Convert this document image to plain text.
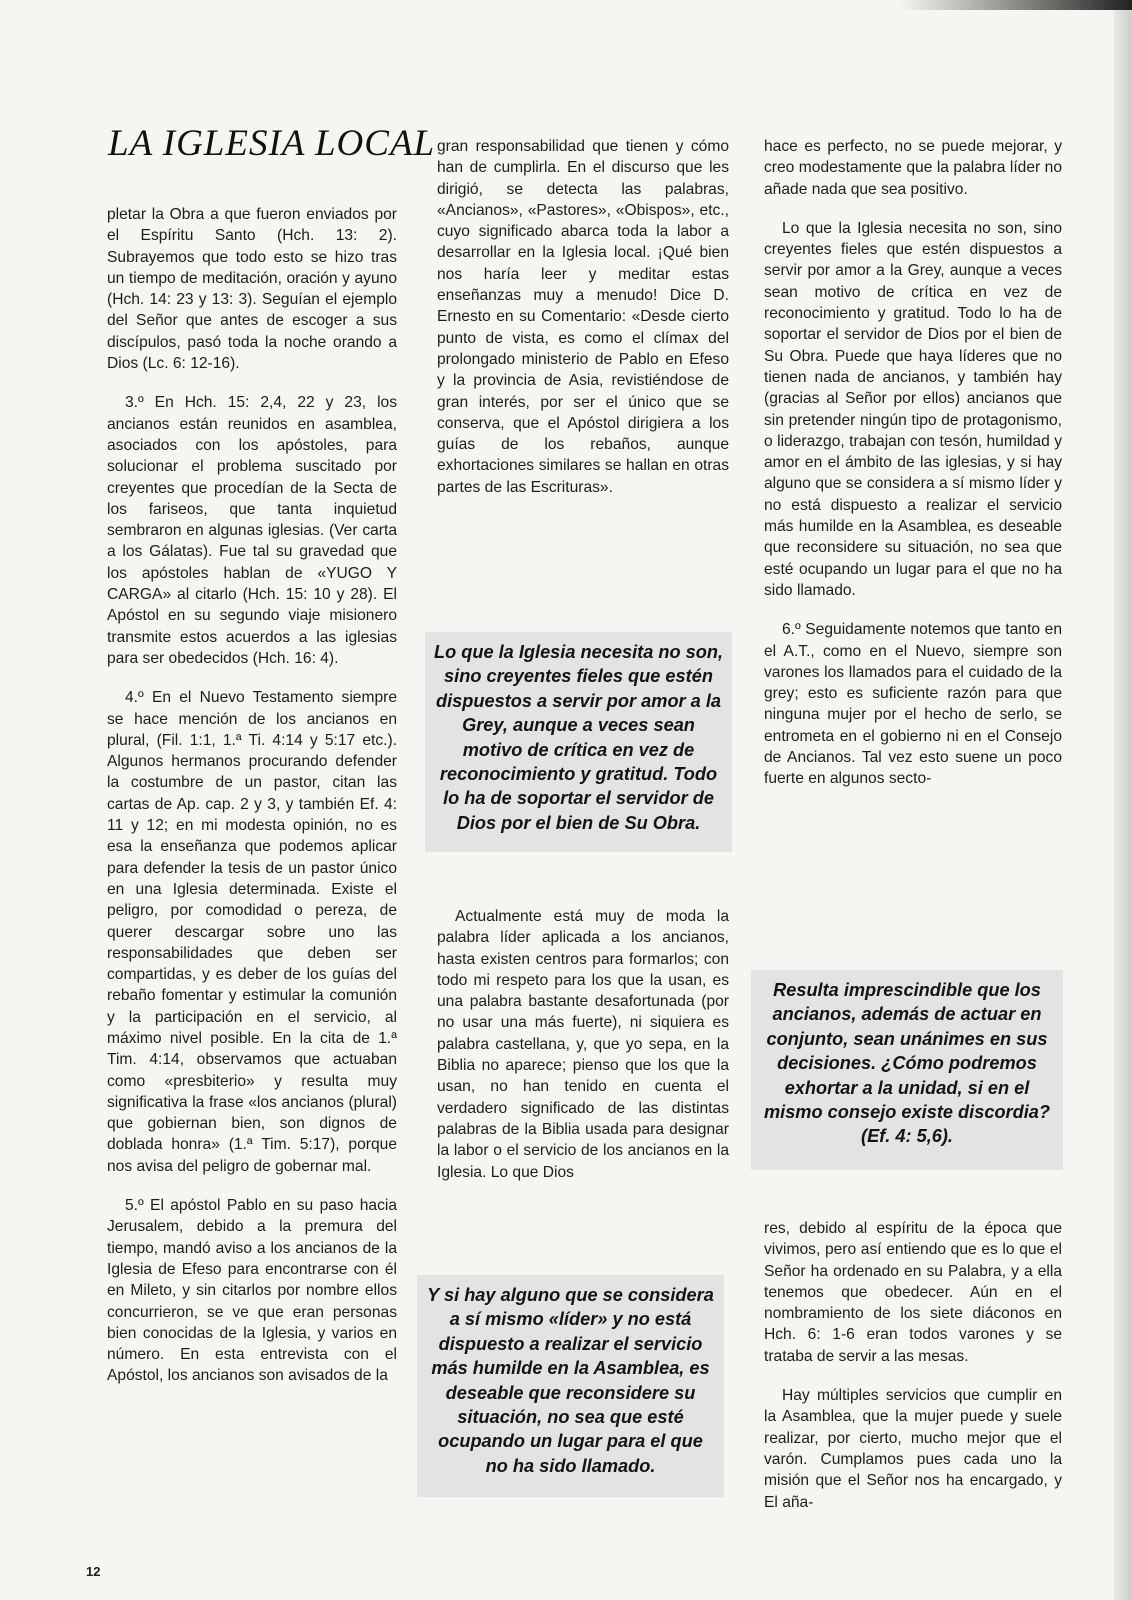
LA IGLESIA LOCAL

pletar la Obra a que fueron enviados por el Espíritu Santo (Hch. 13: 2). Subrayemos que todo esto se hizo tras un tiempo de meditación, oración y ayuno (Hch. 14: 23 y 13: 3). Seguían el ejemplo del Señor que antes de escoger a sus discípulos, pasó toda la noche orando a Dios (Lc. 6: 12-16).

3.º En Hch. 15: 2,4, 22 y 23, los ancianos están reunidos en asamblea, asociados con los apóstoles, para solucionar el problema suscitado por creyentes que procedían de la Secta de los fariseos, que tanta inquietud sembraron en algunas iglesias. (Ver carta a los Gálatas). Fue tal su gravedad que los apóstoles hablan de «YUGO Y CARGA» al citarlo (Hch. 15: 10 y 28). El Apóstol en su segundo viaje misionero transmite estos acuerdos a las iglesias para ser obedecidos (Hch. 16: 4).

4.º En el Nuevo Testamento siempre se hace mención de los ancianos en plural, (Fil. 1:1, 1.ª Ti. 4:14 y 5:17 etc.). Algunos hermanos procurando defender la costumbre de un pastor, citan las cartas de Ap. cap. 2 y 3, y también Ef. 4: 11 y 12; en mi modesta opinión, no es esa la enseñanza que podemos aplicar para defender la tesis de un pastor único en una Iglesia determinada. Existe el peligro, por comodidad o pereza, de querer descargar sobre uno las responsabilidades que deben ser compartidas, y es deber de los guías del rebaño fomentar y estimular la comunión y la participación en el servicio, al máximo nivel posible. En la cita de 1.ª Tim. 4:14, observamos que actuaban como «presbiterio» y resulta muy significativa la frase «los ancianos (plural) que gobiernan bien, son dignos de doblada honra» (1.ª Tim. 5:17), porque nos avisa del peligro de gobernar mal.

5.º El apóstol Pablo en su paso hacia Jerusalem, debido a la premura del tiempo, mandó aviso a los ancianos de la Iglesia de Efeso para encontrarse con él en Mileto, y sin citarlos por nombre ellos concurrieron, se ve que eran personas bien conocidas de la Iglesia, y varios en número. En esta entrevista con el Apóstol, los ancianos son avisados de la

gran responsabilidad que tienen y cómo han de cumplirla. En el discurso que les dirigió, se detecta las palabras, «Ancianos», «Pastores», «Obispos», etc., cuyo significado abarca toda la labor a desarrollar en la Iglesia local. ¡Qué bien nos haría leer y meditar estas enseñanzas muy a menudo! Dice D. Ernesto en su Comentario: «Desde cierto punto de vista, es como el clímax del prolongado ministerio de Pablo en Efeso y la provincia de Asia, revistiéndose de gran interés, por ser el único que se conserva, que el Apóstol dirigiera a los guías de los rebaños, aunque exhortaciones similares se hallan en otras partes de las Escrituras».

Lo que la Iglesia necesita no son, sino creyentes fieles que estén dispuestos a servir por amor a la Grey, aunque a veces sean motivo de crítica en vez de reconocimiento y gratitud. Todo lo ha de soportar el servidor de Dios por el bien de Su Obra.

Actualmente está muy de moda la palabra líder aplicada a los ancianos, hasta existen centros para formarlos; con todo mi respeto para los que la usan, es una palabra bastante desafortunada (por no usar una más fuerte), ni siquiera es palabra castellana, y, que yo sepa, en la Biblia no aparece; pienso que los que la usan, no han tenido en cuenta el verdadero significado de las distintas palabras de la Biblia usada para designar la labor o el servicio de los ancianos en la Iglesia. Lo que Dios

Y si hay alguno que se considera a sí mismo «líder» y no está dispuesto a realizar el servicio más humilde en la Asamblea, es deseable que reconsidere su situación, no sea que esté ocupando un lugar para el que no ha sido llamado.

hace es perfecto, no se puede mejorar, y creo modestamente que la palabra líder no añade nada que sea positivo.

Lo que la Iglesia necesita no son, sino creyentes fieles que estén dispuestos a servir por amor a la Grey, aunque a veces sean motivo de crítica en vez de reconocimiento y gratitud. Todo lo ha de soportar el servidor de Dios por el bien de Su Obra. Puede que haya líderes que no tienen nada de ancianos, y también hay (gracias al Señor por ellos) ancianos que sin pretender ningún tipo de protagonismo, o liderazgo, trabajan con tesón, humildad y amor en el ámbito de las iglesias, y si hay alguno que se considera a sí mismo líder y no está dispuesto a realizar el servicio más humilde en la Asamblea, es deseable que reconsidere su situación, no sea que esté ocupando un lugar para el que no ha sido llamado.

6.º Seguidamente notemos que tanto en el A.T., como en el Nuevo, siempre son varones los llamados para el cuidado de la grey; esto es suficiente razón para que ninguna mujer por el hecho de serlo, se entrometa en el gobierno ni en el Consejo de Ancianos. Tal vez esto suene un poco fuerte en algunos secto-

Resulta imprescindible que los ancianos, además de actuar en conjunto, sean unánimes en sus decisiones. ¿Cómo podremos exhortar a la unidad, si en el mismo consejo existe discordia? (Ef. 4: 5,6).

res, debido al espíritu de la época que vivimos, pero así entiendo que es lo que el Señor ha ordenado en su Palabra, y a ella tenemos que obedecer. Aún en el nombramiento de los siete diáconos en Hch. 6: 1-6 eran todos varones y se trataba de servir a las mesas.

Hay múltiples servicios que cumplir en la Asamblea, que la mujer puede y suele realizar, por cierto, mucho mejor que el varón. Cumplamos pues cada uno la misión que el Señor nos ha encargado, y El aña-

12
